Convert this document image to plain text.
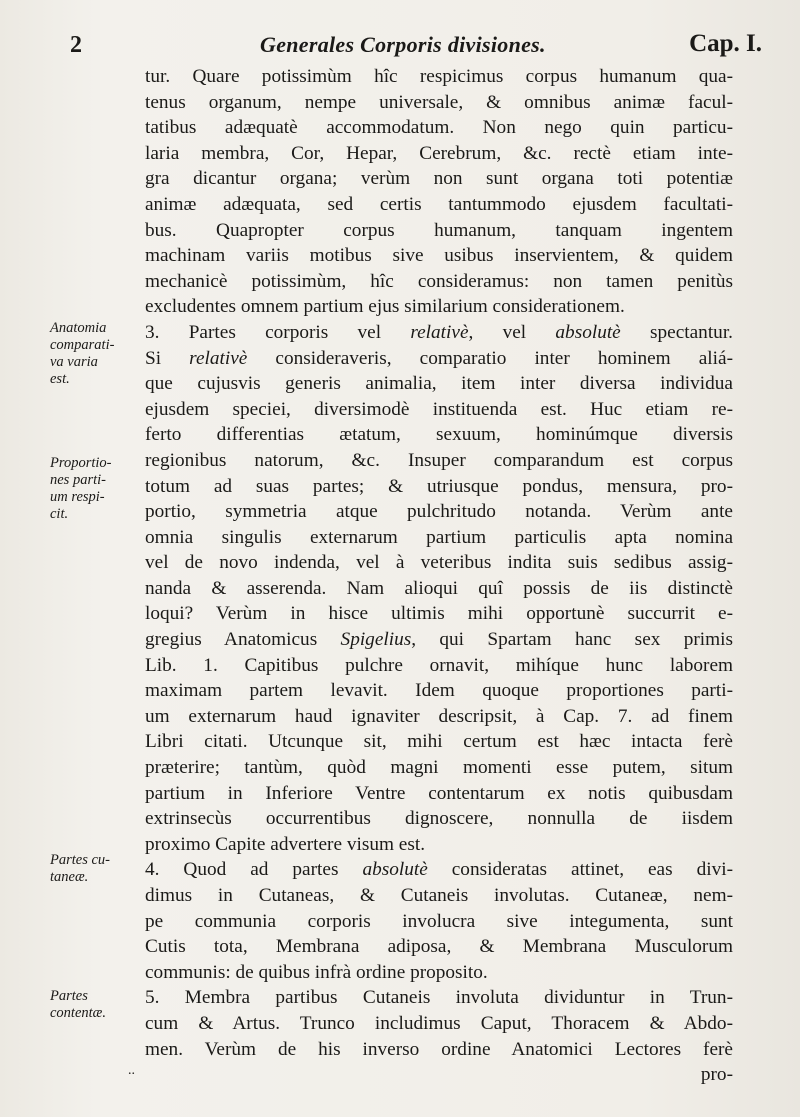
2	Generales Corporis divisiones.	Cap. I.
tur. Quare potissimùm hîc respicimus corpus humanum qua-
tenus organum, nempe universale, & omnibus animæ facul-
tatibus adæquatè accommodatum. Non nego quin particu-
laria membra, Cor, Hepar, Cerebrum, &c. rectè etiam inte-
gra dicantur organa; verùm non sunt organa toti potentiæ
animæ adæquata, sed certis tantummodo ejusdem facultati-
bus. Quapropter corpus humanum, tanquam ingentem
machinam variis motibus sive usibus inservientem, & quidem
mechanicè potissimùm, hîc consideramus: non tamen penitùs
excludentes omnem partium ejus similarium considerationem.
3. Partes corporis vel relativè, vel absolutè spectantur.
Si relativè consideraveris, comparatio inter hominem aliá-
que cujusvis generis animalia, item inter diversa individua
ejusdem speciei, diversimodè instituenda est. Huc etiam re-
ferto differentias ætatum, sexuum, hominúmque diversis
regionibus natorum, &c. Insuper comparandum est corpus
totum ad suas partes; & utriusque pondus, mensura, pro-
portio, symmetria atque pulchritudo notanda. Verùm ante
omnia singulis externarum partium particulis apta nomina
vel de novo indenda, vel à veteribus indita suis sedibus assig-
nanda & asserenda. Nam alioqui quî possis de iis distinctè
loqui? Verùm in hisce ultimis mihi opportunè succurrit e-
gregius Anatomicus Spigelius, qui Spartam hanc sex primis
Lib. 1. Capitibus pulchre ornavit, mihíque hunc laborem
maximam partem levavit. Idem quoque proportiones parti-
um externarum haud ignaviter descripsit, à Cap. 7. ad finem
Libri citati. Utcunque sit, mihi certum est hæc intacta ferè
præterire; tantùm, quòd magni momenti esse putem, situm
partium in Inferiore Ventre contentarum ex notis quibusdam
extrinsecùs occurrentibus dignoscere, nonnulla de iisdem
proximo Capite advertere visum est.
4. Quod ad partes absolutè consideratas attinet, eas divi-
dimus in Cutaneas, & Cutaneis involutas. Cutaneæ, nem-
pe communia corporis involucra sive integumenta, sunt
Cutis tota, Membrana adiposa, & Membrana Musculorum
communis: de quibus infrà ordine proposito.
5. Membra partibus Cutaneis involuta dividuntur in Trun-
cum & Artus. Trunco includimus Caput, Thoracem & Abdo-
men. Verùm de his inverso ordine Anatomici Lectores ferè
pro-
Anatomia
comparati-
va varia
est.
Proportio-
nes parti-
um respi-
cit.
Partes cu-
taneæ.
Partes
contentæ.
..
